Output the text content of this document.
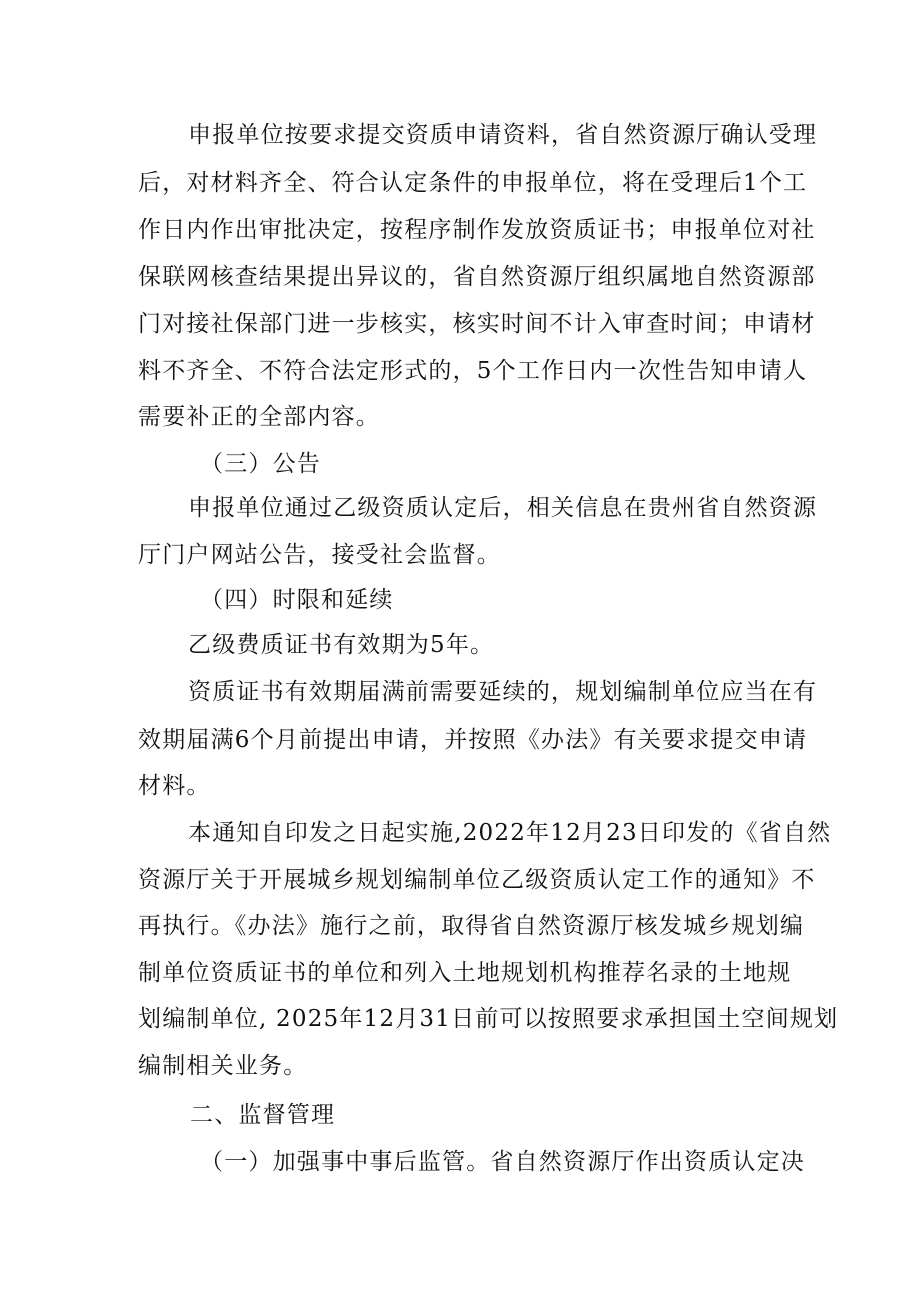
申报单位按要求提交资质申请资料，省自然资源厅确认受理
后，对材料齐全、符合认定条件的申报单位，将在受理后1个工
作日内作出审批决定，按程序制作发放资质证书；申报单位对社
保联网核查结果提出异议的，省自然资源厅组织属地自然资源部
门对接社保部门进一步核实，核实时间不计入审查时间；申请材
料不齐全、不符合法定形式的，5个工作日内一次性告知申请人
需要补正的全部内容。
（三）公告
申报单位通过乙级资质认定后，相关信息在贵州省自然资源
厅门户网站公告，接受社会监督。
（四）时限和延续
乙级费质证书有效期为5年。
资质证书有效期届满前需要延续的，规划编制单位应当在有
效期届满6个月前提出申请，并按照《办法》有关要求提交申请
材料。
本通知自印发之日起实施,2022年12月23日印发的《省自然
资源厅关于开展城乡规划编制单位乙级资质认定工作的通知》不
再执行。《办法》施行之前，取得省自然资源厅核发城乡规划编
制单位资质证书的单位和列入土地规划机构推荐名录的土地规
划编制单位, 2025年12月31日前可以按照要求承担国土空间规划
编制相关业务。
二、监督管理
（一）加强事中事后监管。省自然资源厅作出资质认定决
